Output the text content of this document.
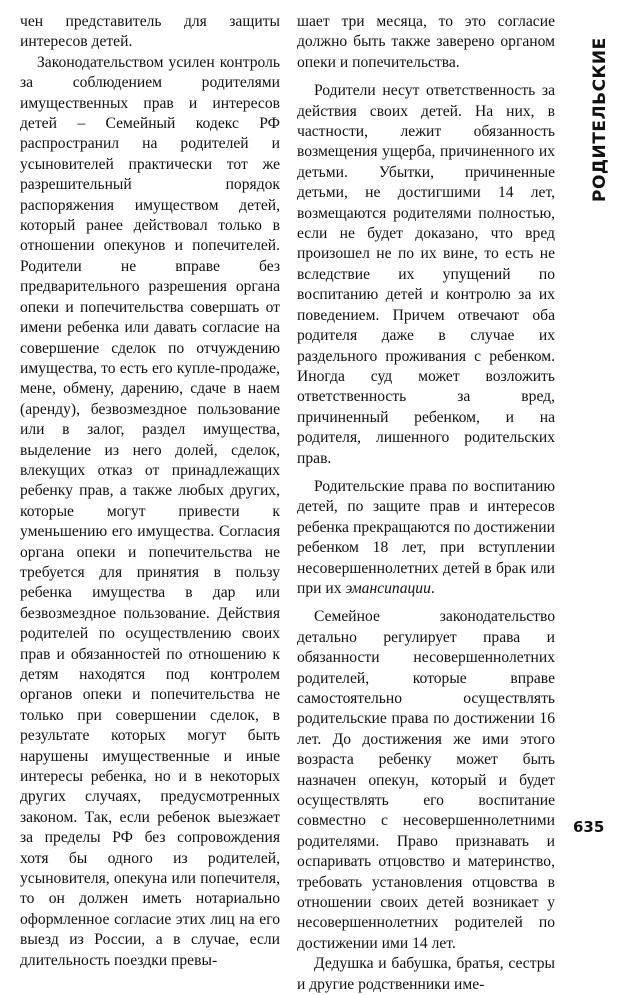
чен представитель для защиты интересов детей.

Законодательством усилен контроль за соблюдением родителями имущественных прав и интересов детей – Семейный кодекс РФ распространил на родителей и усыновителей практически тот же разрешительный порядок распоряжения имуществом детей, который ранее действовал только в отношении опекунов и попечителей. Родители не вправе без предварительного разрешения органа опеки и попечительства совершать от имени ребенка или давать согласие на совершение сделок по отчуждению имущества, то есть его купле-продаже, мене, обмену, дарению, сдаче в наем (аренду), безвозмездное пользование или в залог, раздел имущества, выделение из него долей, сделок, влекущих отказ от принадлежащих ребенку прав, а также любых других, которые могут привести к уменьшению его имущества. Согласия органа опеки и попечительства не требуется для принятия в пользу ребенка имущества в дар или безвозмездное пользование. Действия родителей по осуществлению своих прав и обязанностей по отношению к детям находятся под контролем органов опеки и попечительства не только при совершении сделок, в результате которых могут быть нарушены имущественные и иные интересы ребенка, но и в некоторых других случаях, предусмотренных законом. Так, если ребенок выезжает за пределы РФ без сопровождения хотя бы одного из родителей, усыновителя, опекуна или попечителя, то он должен иметь нотариально оформленное согласие этих лиц на его выезд из России, а в случае, если длительность поездки превы-

шает три месяца, то это согласие должно быть также заверено органом опеки и попечительства.

Родители несут ответственность за действия своих детей. На них, в частности, лежит обязанность возмещения ущерба, причиненного их детьми. Убытки, причиненные детьми, не достигшими 14 лет, возмещаются родителями полностью, если не будет доказано, что вред произошел не по их вине, то есть не вследствие их упущений по воспитанию детей и контролю за их поведением. Причем отвечают оба родителя даже в случае их раздельного проживания с ребенком. Иногда суд может возложить ответственность за вред, причиненный ребенком, и на родителя, лишенного родительских прав.

Родительские права по воспитанию детей, по защите прав и интересов ребенка прекращаются по достижении ребенком 18 лет, при вступлении несовершеннолетних детей в брак или при их эмансипации.

Семейное законодательство детально регулирует права и обязанности несовершеннолетних родителей, которые вправе самостоятельно осуществлять родительские права по достижении 16 лет. До достижения же ими этого возраста ребенку может быть назначен опекун, который и будет осуществлять его воспитание совместно с несовершеннолетними родителями. Право признавать и оспаривать отцовство и материнство, требовать установления отцовства в отношении своих детей возникает у несовершеннолетних родителей по достижении ими 14 лет.

Дедушка и бабушка, братья, сестры и другие родственники име-

РОДИТЕЛЬСКИЕ
635
